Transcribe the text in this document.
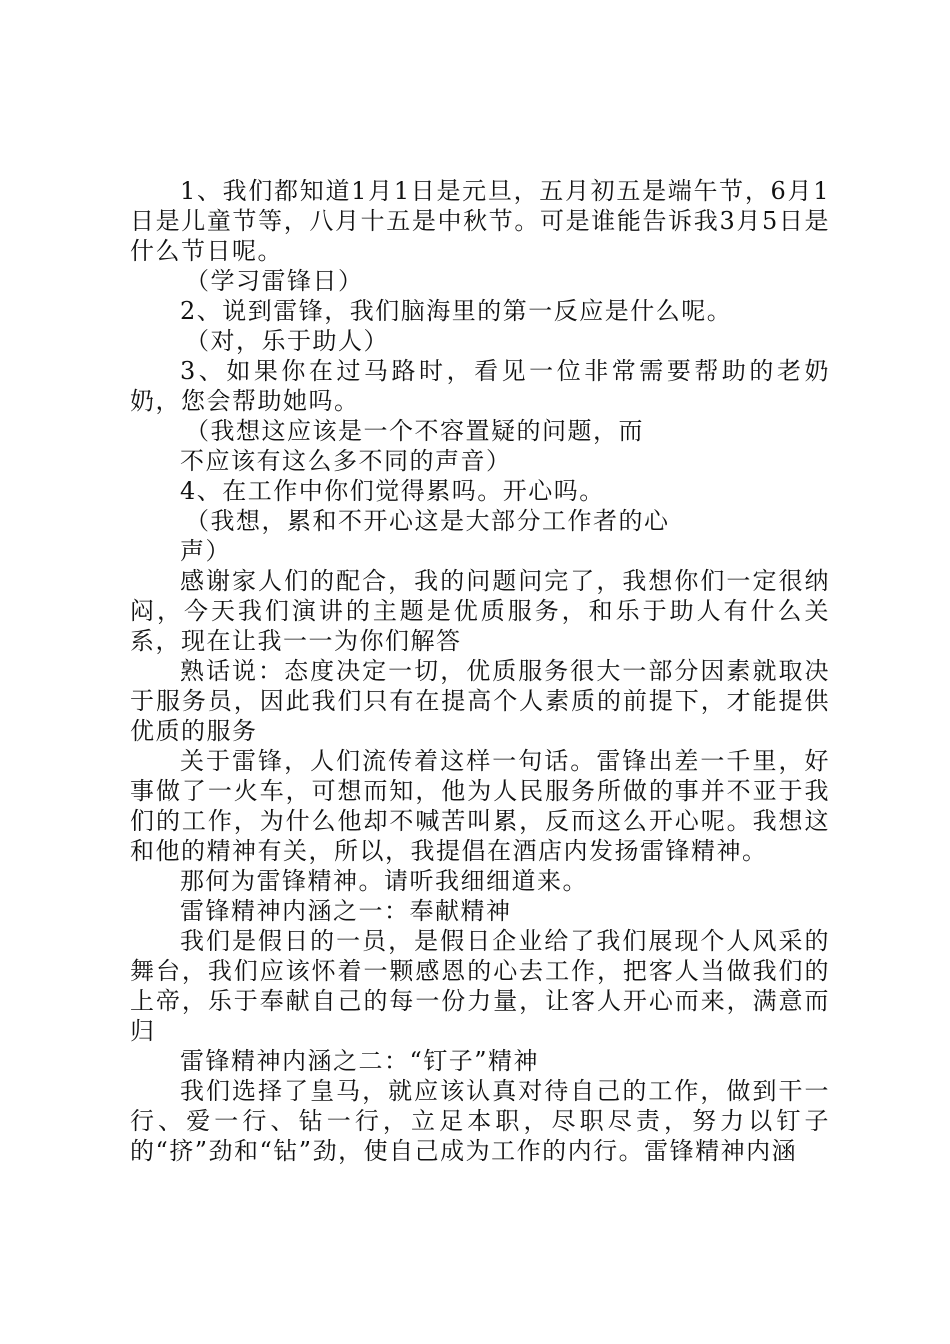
1、我们都知道1月1日是元旦，五月初五是端午节，6月1日是儿童节等，八月十五是中秋节。可是谁能告诉我3月5日是什么节日呢。

（学习雷锋日）

2、说到雷锋，我们脑海里的第一反应是什么呢。

（对，乐于助人）

3、如果你在过马路时，看见一位非常需要帮助的老奶奶，您会帮助她吗。

（我想这应该是一个不容置疑的问题，而

不应该有这么多不同的声音）

4、在工作中你们觉得累吗。开心吗。

（我想，累和不开心这是大部分工作者的心

声）

感谢家人们的配合，我的问题问完了，我想你们一定很纳闷，今天我们演讲的主题是优质服务，和乐于助人有什么关系，现在让我一一为你们解答

熟话说：态度决定一切，优质服务很大一部分因素就取决于服务员，因此我们只有在提高个人素质的前提下，才能提供优质的服务

关于雷锋，人们流传着这样一句话。雷锋出差一千里，好事做了一火车，可想而知，他为人民服务所做的事并不亚于我们的工作，为什么他却不喊苦叫累，反而这么开心呢。我想这和他的精神有关，所以，我提倡在酒店内发扬雷锋精神。

那何为雷锋精神。请听我细细道来。

雷锋精神内涵之一：奉献精神

我们是假日的一员，是假日企业给了我们展现个人风采的舞台，我们应该怀着一颗感恩的心去工作，把客人当做我们的上帝，乐于奉献自己的每一份力量，让客人开心而来，满意而归

雷锋精神内涵之二：“钉子”精神

我们选择了皇马，就应该认真对待自己的工作，做到干一行、爱一行、钻一行，立足本职，尽职尽责，努力以钉子的“挤”劲和“钻”劲，使自己成为工作的内行。雷锋精神内涵
